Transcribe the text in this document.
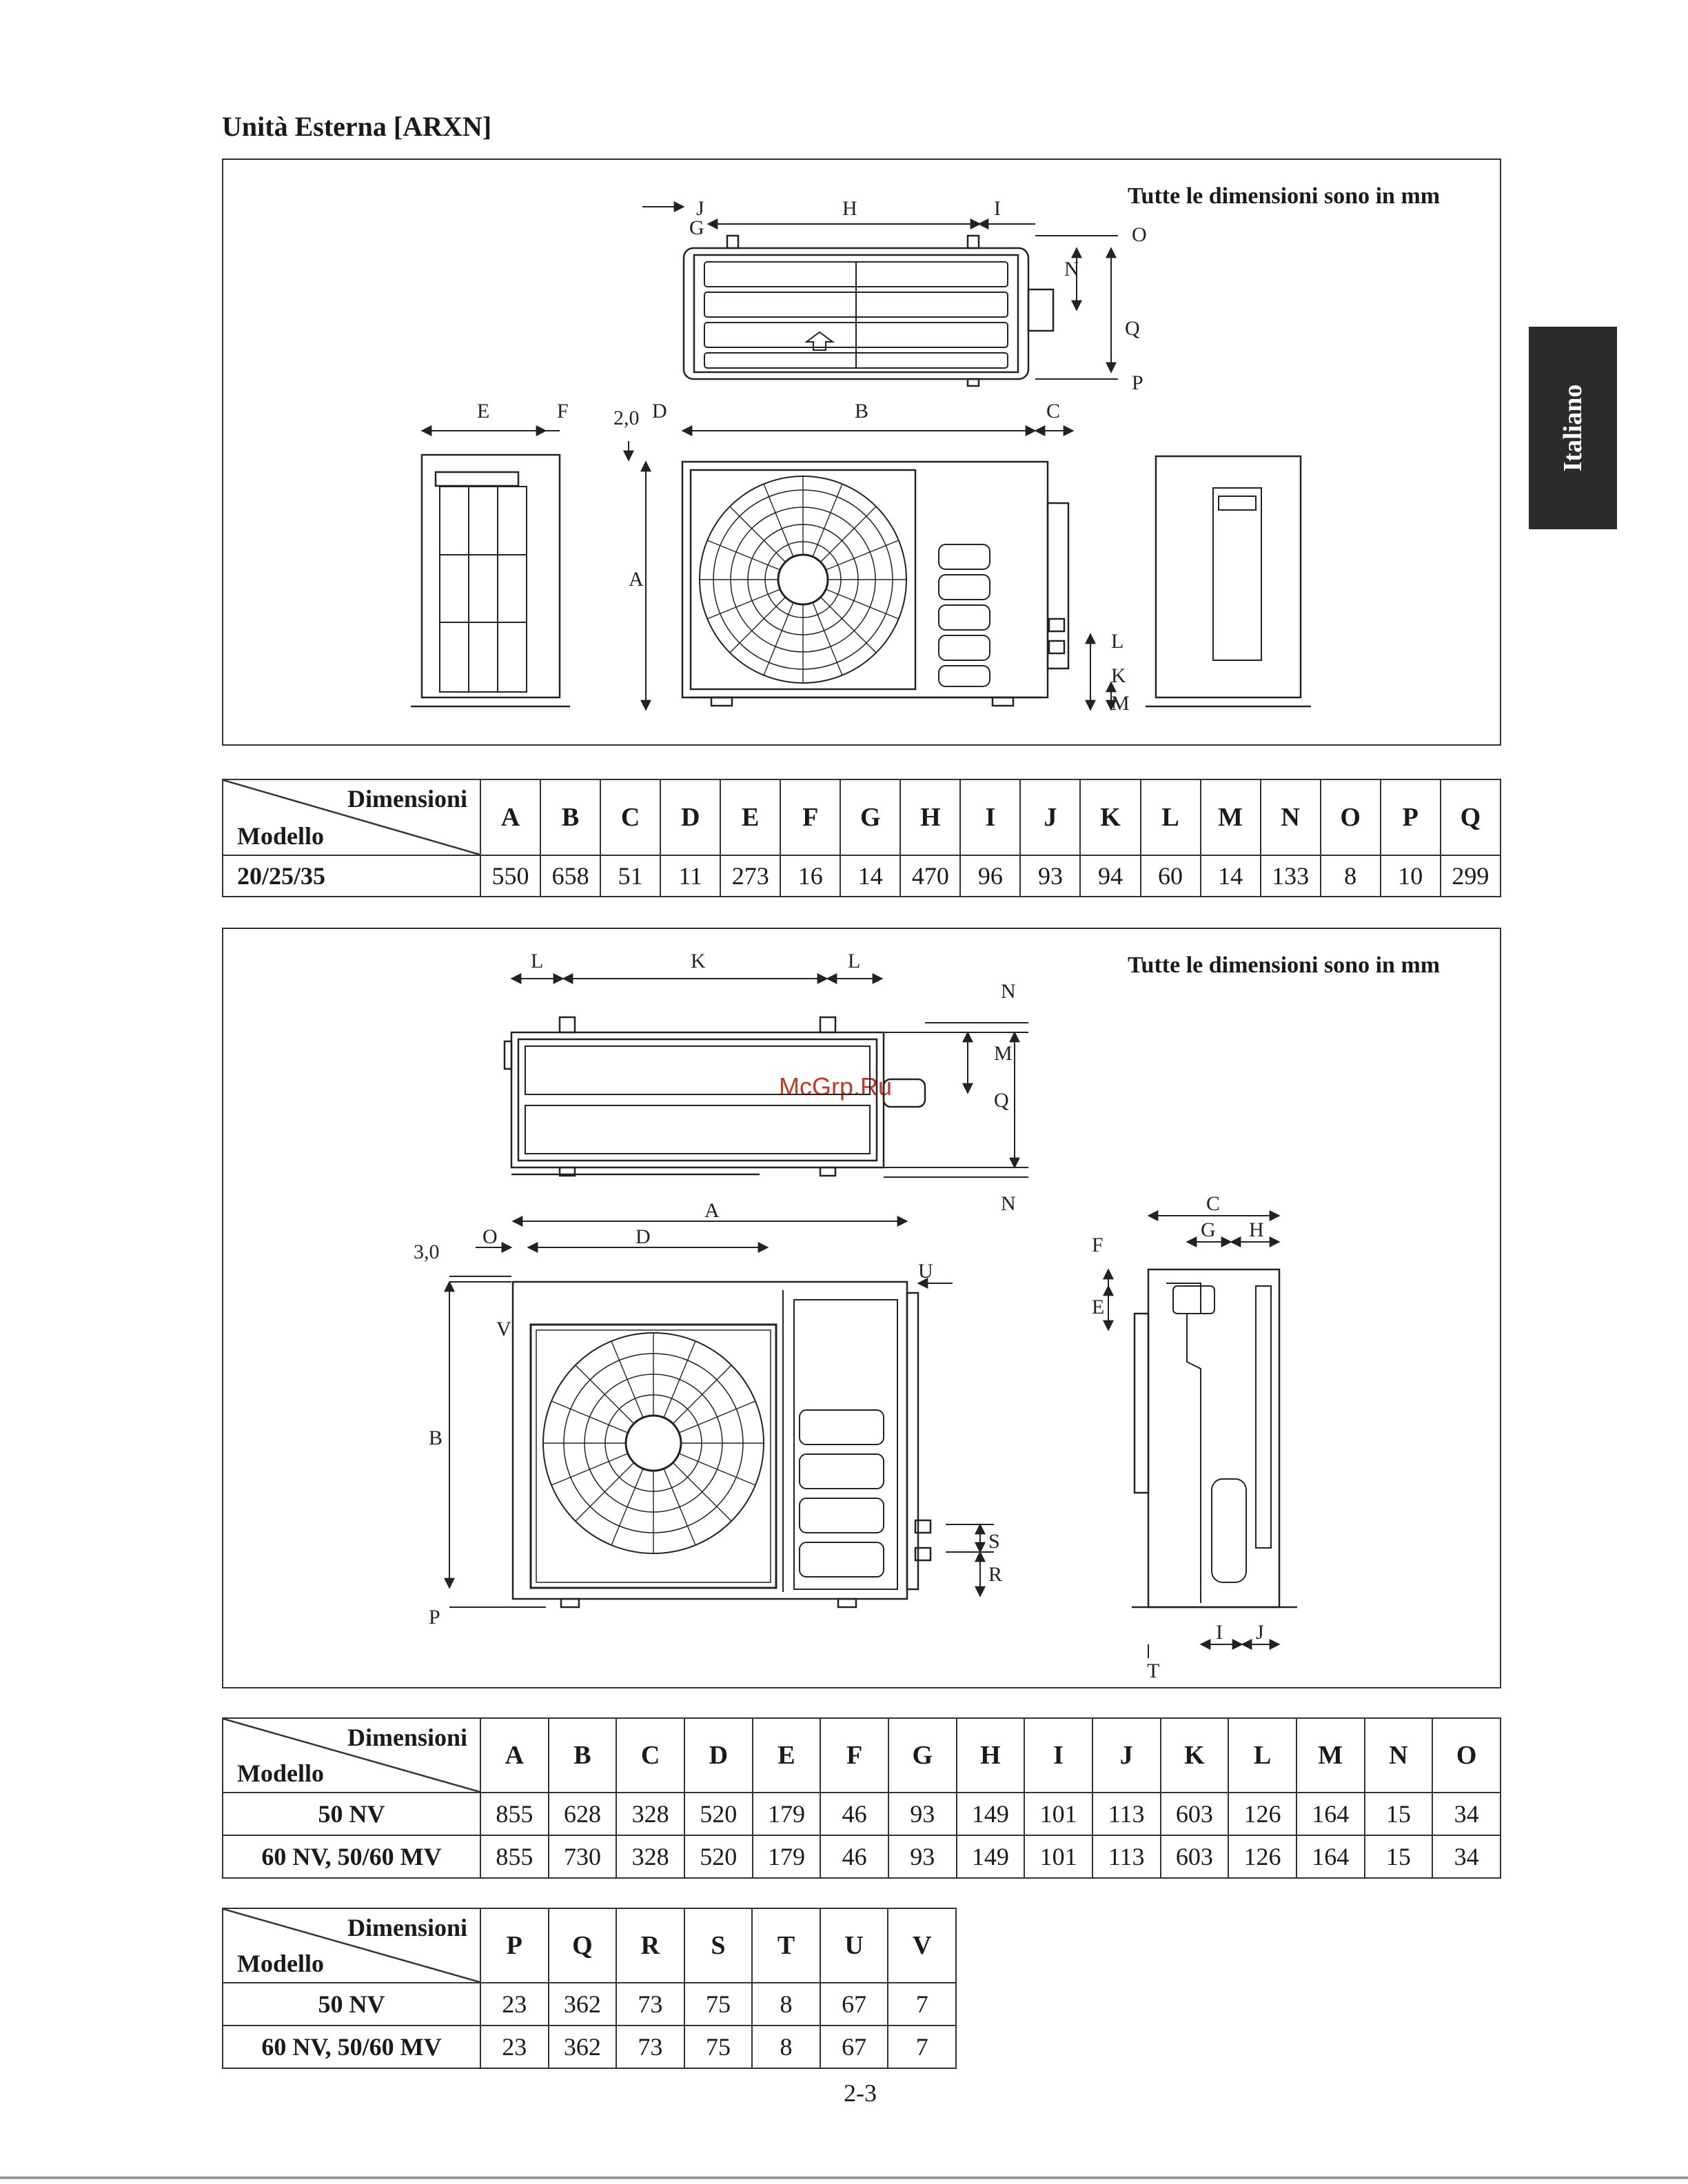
Unità Esterna [ARXN]
Italiano
Tutte le dimensioni sono in mm
J	H	I
O
N
Q
P
G
E	F 2,0 D	B	C
A
L
K
M
Dimensioni
Modello	A	B	C	D	E	F	G	H	I	J	K	L	M	N	O	P	Q
20/25/35	550	658	51	11	273	16	14	470	96	93	94	60	14	133	8	10	299
Tutte le dimensioni sono in mm
McGrp.Ru
L	K	L
N
M
Q
N
A
D
O
3,0
U
V
B
P
S
R
C
G H
F
E
I J
T
Dimensioni
Modello	A	B	C	D	E	F	G	H	I	J	K	L	M	N	O
50 NV	855	628	328	520	179	46	93	149	101	113	603	126	164	15	34
60 NV, 50/60 MV	855	730	328	520	179	46	93	149	101	113	603	126	164	15	34
Dimensioni
Modello	P	Q	R	S	T	U	V
50 NV	23	362	73	75	8	67	7
60 NV, 50/60 MV	23	362	73	75	8	67	7
2-3
